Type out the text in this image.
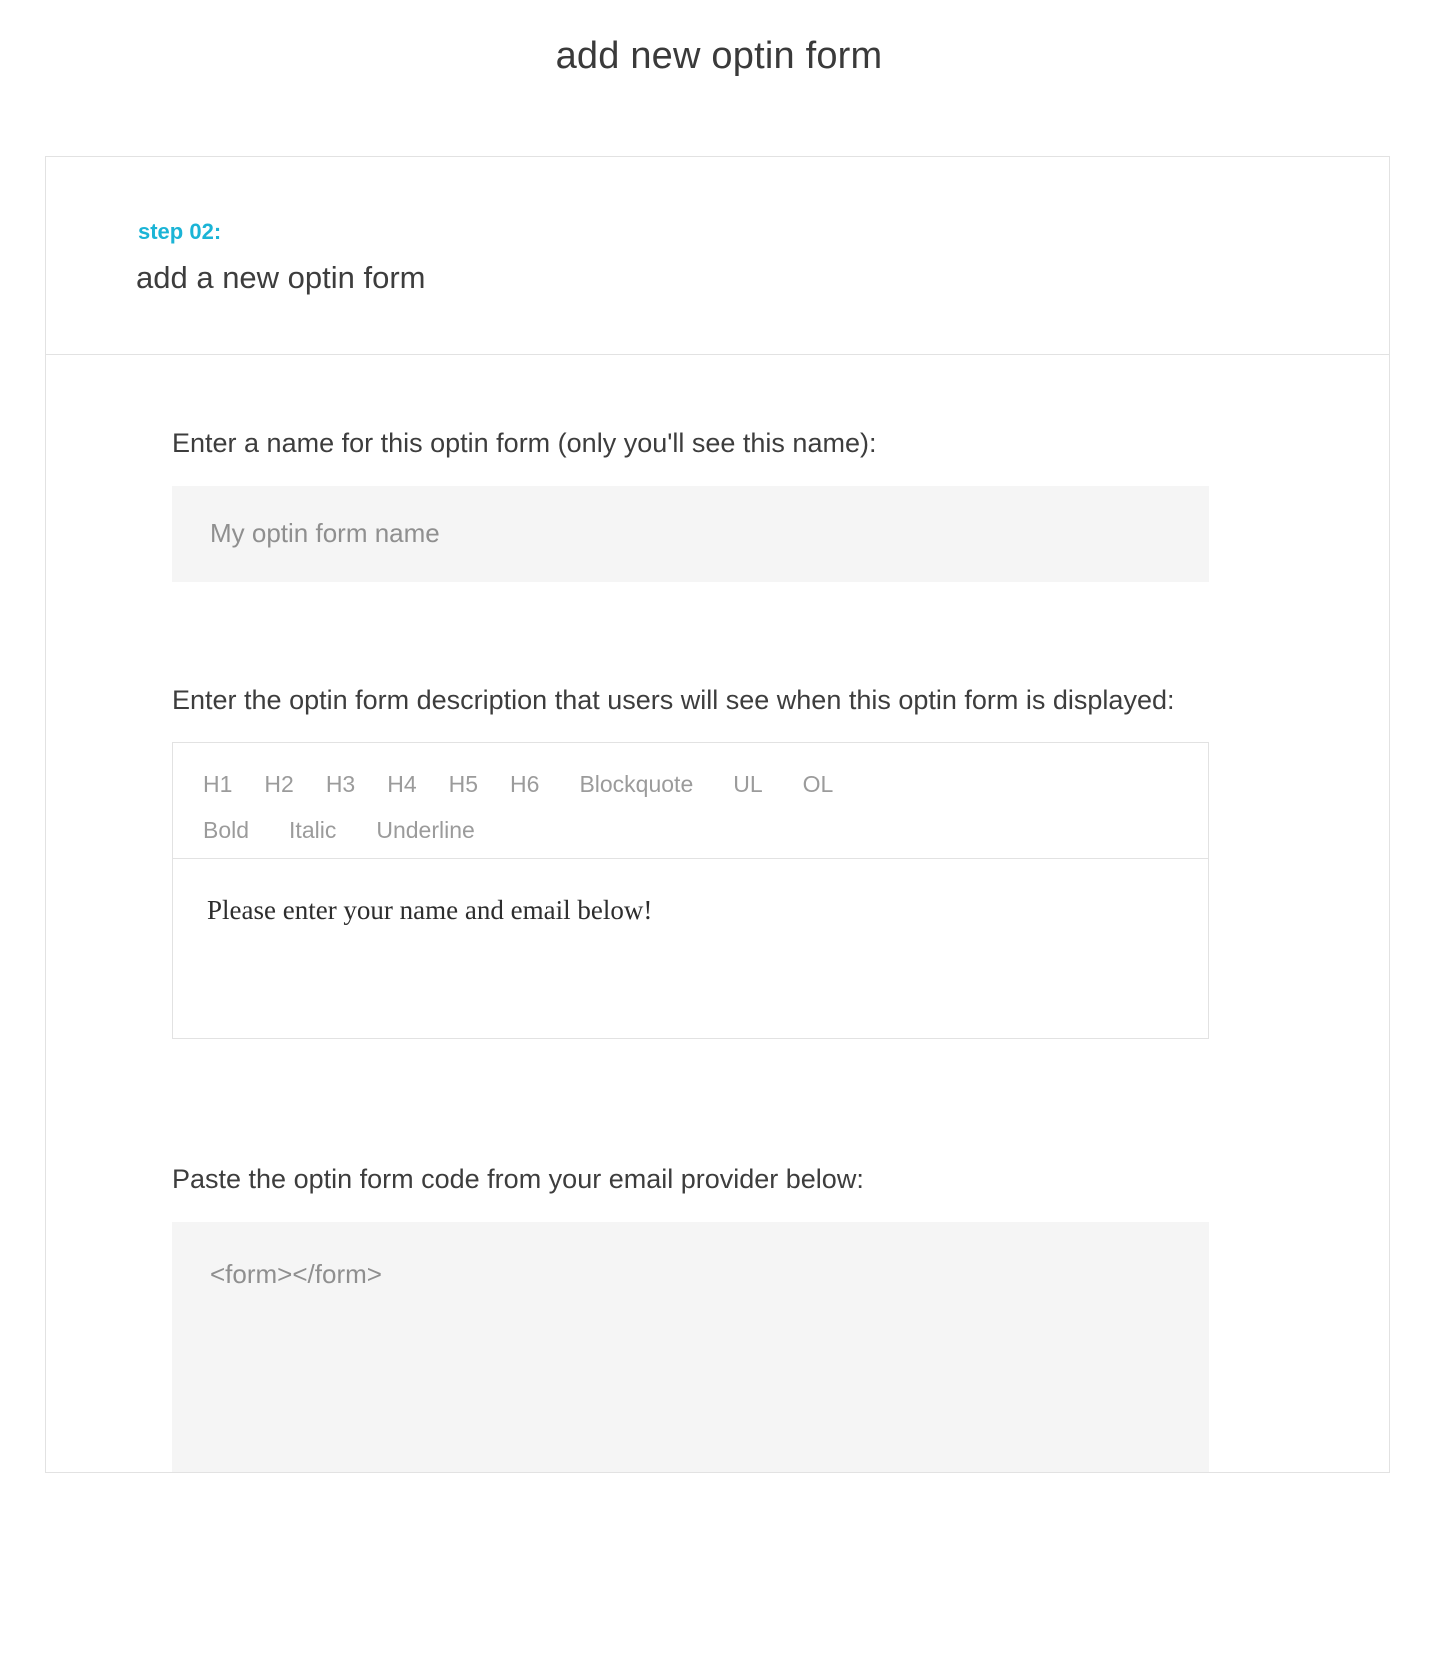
add new optin form
step 02:
add a new optin form
Enter a name for this optin form (only you'll see this name):
My optin form name
Enter the optin form description that users will see when this optin form is displayed:
H1 H2 H3 H4 H5 H6 Blockquote UL OL
Bold Italic Underline
Please enter your name and email below!
Paste the optin form code from your email provider below:
<form></form>
